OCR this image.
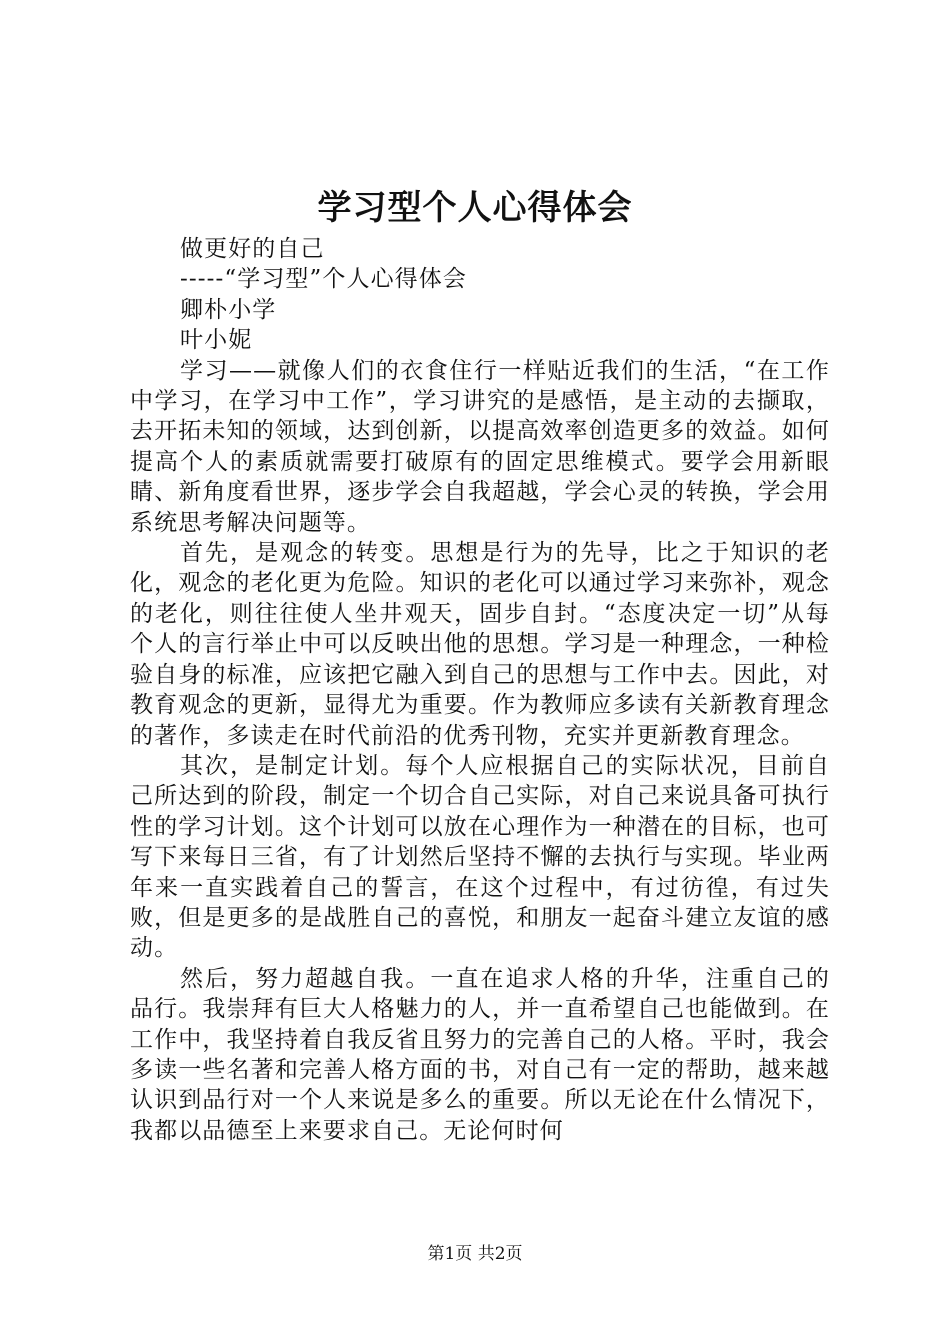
学习型个人心得体会
做更好的自己
-----“学习型”个人心得体会
卿朴小学
叶小妮

学习——就像人们的衣食住行一样贴近我们的生活，“在工作中学习，在学习中工作”，学习讲究的是感悟，是主动的去撷取，去开拓未知的领域，达到创新，以提高效率创造更多的效益。如何提高个人的素质就需要打破原有的固定思维模式。要学会用新眼睛、新角度看世界，逐步学会自我超越，学会心灵的转换，学会用系统思考解决问题等。

首先，是观念的转变。思想是行为的先导，比之于知识的老化，观念的老化更为危险。知识的老化可以通过学习来弥补，观念的老化，则往往使人坐井观天，固步自封。“态度决定一切”从每个人的言行举止中可以反映出他的思想。学习是一种理念，一种检验自身的标准，应该把它融入到自己的思想与工作中去。因此，对教育观念的更新，显得尤为重要。作为教师应多读有关新教育理念的著作，多读走在时代前沿的优秀刊物，充实并更新教育理念。

其次，是制定计划。每个人应根据自己的实际状况，目前自己所达到的阶段，制定一个切合自己实际，对自己来说具备可执行性的学习计划。这个计划可以放在心理作为一种潜在的目标，也可写下来每日三省，有了计划然后坚持不懈的去执行与实现。毕业两年来一直实践着自己的誓言，在这个过程中，有过彷徨，有过失败，但是更多的是战胜自己的喜悦，和朋友一起奋斗建立友谊的感动。

然后，努力超越自我。一直在追求人格的升华，注重自己的品行。我崇拜有巨大人格魅力的人，并一直希望自己也能做到。在工作中，我坚持着自我反省且努力的完善自己的人格。平时，我会多读一些名著和完善人格方面的书，对自己有一定的帮助，越来越认识到品行对一个人来说是多么的重要。所以无论在什么情况下，我都以品德至上来要求自己。无论何时何

第1页 共2页
